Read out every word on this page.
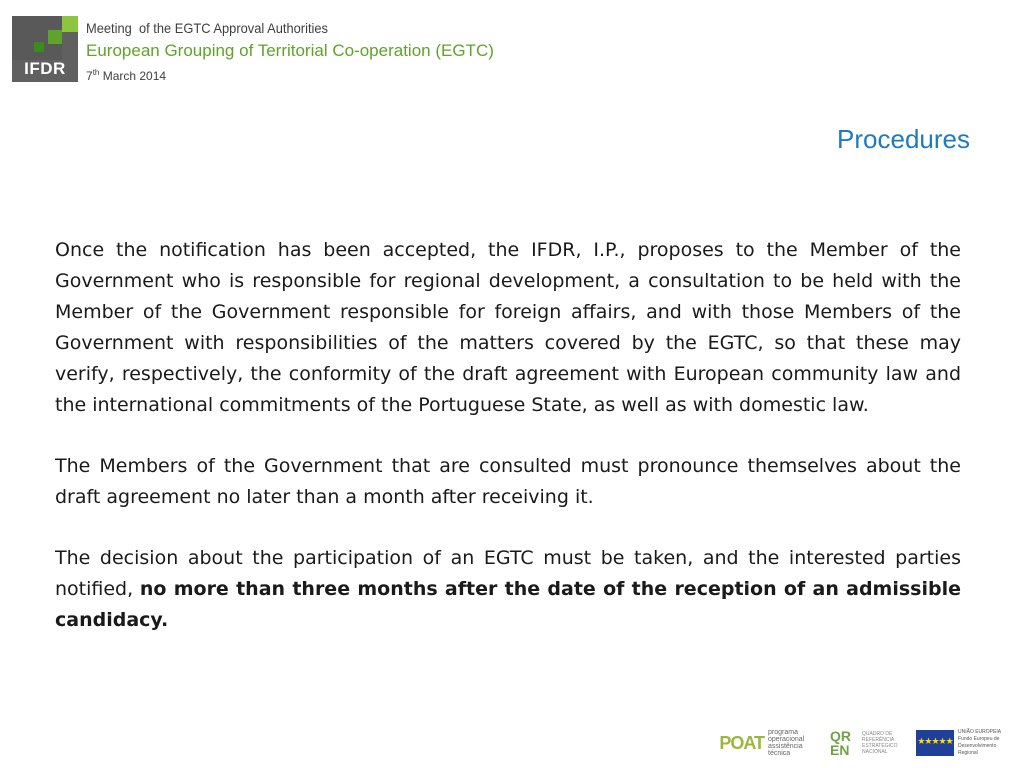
IFDR
Meeting  of the EGTC Approval Authorities
European Grouping of Territorial Co-operation (EGTC)
7th March 2014
Procedures

Once the notification has been accepted, the IFDR, I.P., proposes to the Member of the Government who is responsible for regional development, a consultation to be held with the Member of the Government responsible for foreign affairs, and with those Members of the Government with responsibilities of the matters covered by the EGTC, so that these may verify, respectively, the conformity of the draft agreement with European community law and the international commitments of the Portuguese State, as well as with domestic law.

The Members of the Government that are consulted must pronounce themselves about the draft agreement no later than a month after receiving it.

The decision about the participation of an EGTC must be taken, and the interested parties notified, no more than three months after the date of the reception of an admissible candidacy.

POAT programa operacional assistência técnica
QR EN
QUADRO DE REFERÊNCIA ESTRATÉGICO NACIONAL
★★★★★
UNIÃO EUROPEIA
Fundo Europeu de Desenvolvimento Regional
